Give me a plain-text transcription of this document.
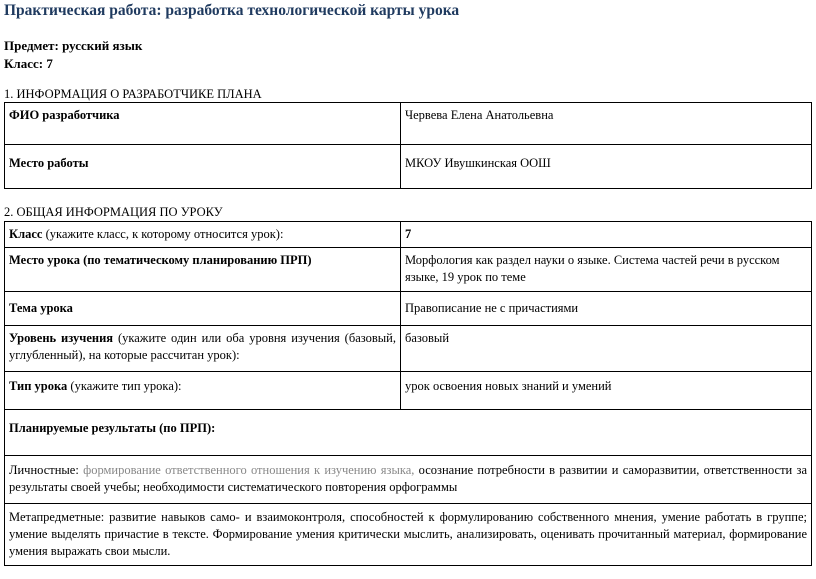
Практическая работа: разработка технологической карты урока
Предмет: русский язык
Класс: 7
1. ИНФОРМАЦИЯ О РАЗРАБОТЧИКЕ ПЛАНА
ФИО разработчика	Червева Елена Анатольевна
Место работы	МКОУ Ивушкинская ООШ
2. ОБЩАЯ ИНФОРМАЦИЯ ПО УРОКУ
Класс (укажите класс, к которому относится урок):	7
Место урока (по тематическому планированию ПРП)	Морфология как раздел науки о языке. Система частей речи в русском языке, 19 урок по теме
Тема урока	Правописание не с причастиями
Уровень изучения (укажите один или оба уровня изучения (базовый, углубленный), на которые рассчитан урок):	базовый
Тип урока (укажите тип урока):	урок освоения новых знаний и умений
Планируемые результаты (по ПРП):	
Личностные: формирование ответственного отношения к изучению языка, осознание потребности в развитии и саморазвитии, ответственности за результаты своей учебы; необходимости систематического повторения орфограммы	
Метапредметные: развитие навыков само- и взаимоконтроля, способностей к формулированию собственного мнения, умение работать в группе; умение выделять причастие в тексте. Формирование умения критически мыслить, анализировать, оценивать прочитанный материал, формирование умения выражать свои мысли.	
